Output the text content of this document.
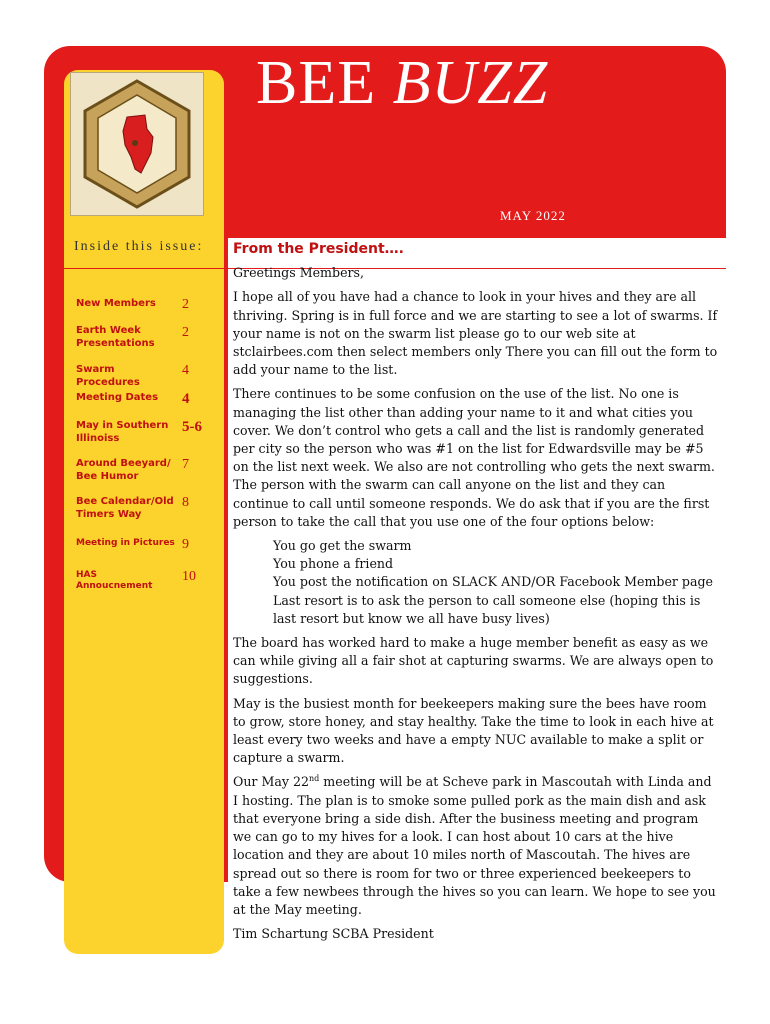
BEE BUZZ
MAY 2022
Inside this issue:
New Members	2
Earth Week Presentations
2
Swarm Procedures
4
Meeting Dates	4
May in Southern Illinoiss
5-6
Around Beeyard/ Bee Humor
7
Bee Calendar/Old Timers Way
8
Meeting in Pictures 9
HAS Annoucnement
10
From the President….

Greetings Members,

I hope all of you have had a chance to look in your hives and they are all thriving. Spring is in full force and we are starting to see a lot of swarms. If your name is not on the swarm list please go to our web site at stclairbees.com then select members only There you can fill out the form to add your name to the list.

There continues to be some confusion on the use of the list. No one is managing the list other than adding your name to it and what cities you cover. We don’t control who gets a call and the list is randomly generated per city so the person who was #1 on the list for Edwardsville may be #5 on the list next week. We also are not controlling who gets the next swarm. The person with the swarm can call anyone on the list and they can continue to call until someone responds. We do ask that if you are the first person to take the call that you use one of the four options below:

You go get the swarm
You phone a friend
You post the notification on SLACK AND/OR Facebook Member page
Last resort is to ask the person to call someone else (hoping this is last resort but know we all have busy lives)

The board has worked hard to make a huge member benefit as easy as we can while giving all a fair shot at capturing swarms. We are always open to suggestions.

May is the busiest month for beekeepers making sure the bees have room to grow, store honey, and stay healthy. Take the time to look in each hive at least every two weeks and have a empty NUC available to make a split or capture a swarm.

Our May 22nd meeting will be at Scheve park in Mascoutah with Linda and I hosting. The plan is to smoke some pulled pork as the main dish and ask that everyone bring a side dish. After the business meeting and program we can go to my hives for a look. I can host about 10 cars at the hive location and they are about 10 miles north of Mascoutah. The hives are spread out so there is room for two or three experienced beekeepers to take a few newbees through the hives so you can learn. We hope to see you at the May meeting.

Tim Schartung SCBA President
